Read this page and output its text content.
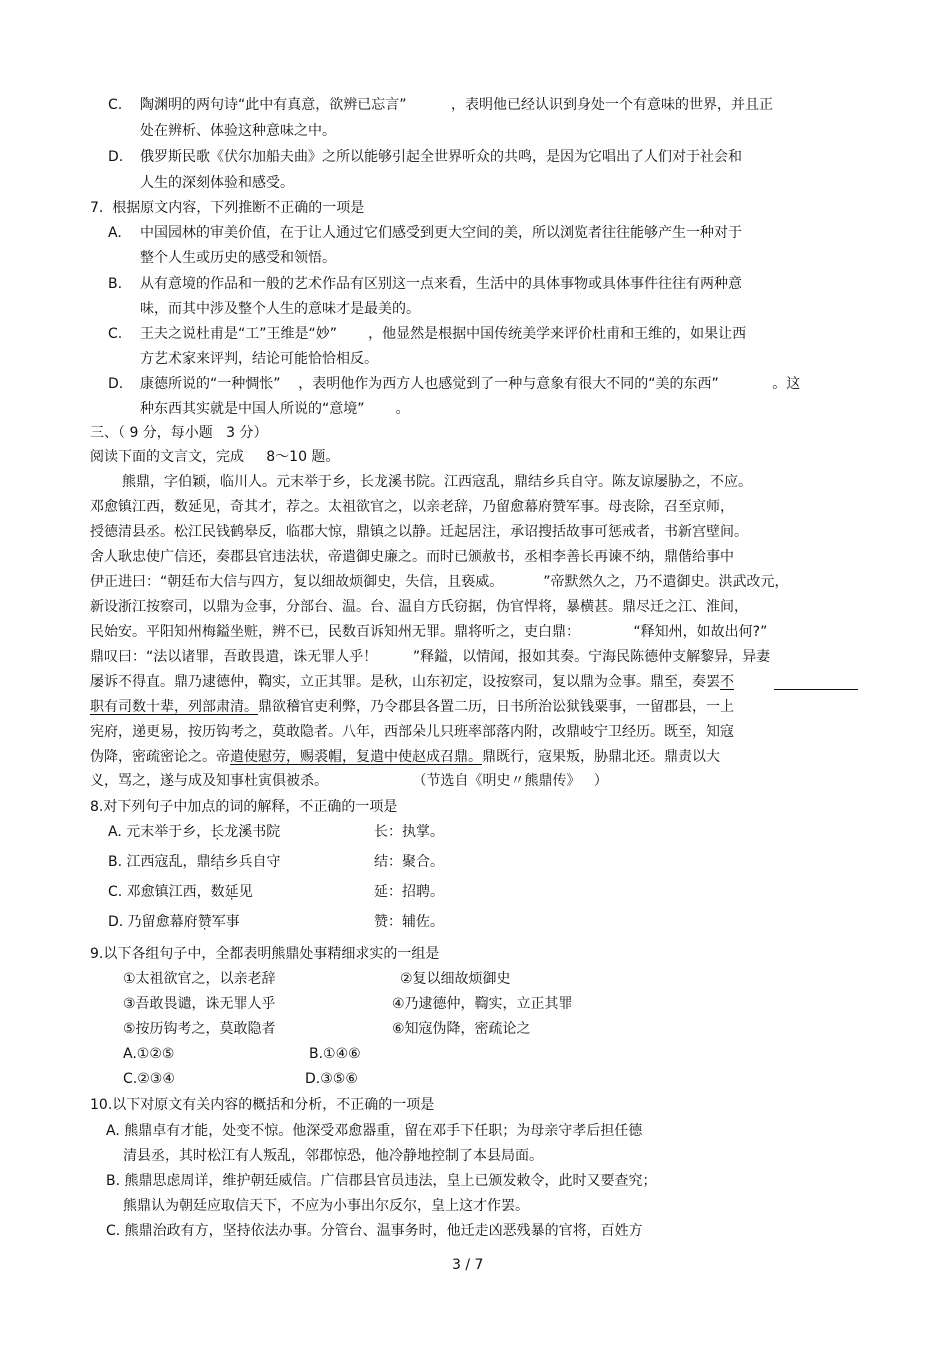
C. 陶渊明的两句诗“此中有真意，欲辨已忘言”          ，表明他已经认识到身处一个有意味的世界，并且正
处在辨析、体验这种意味之中。
D. 俄罗斯民歌《伏尔加船夫曲》之所以能够引起全世界听众的共鸣，是因为它唱出了人们对于社会和
人生的深刻体验和感受。
7.  根据原文内容，下列推断不正确的一项是
A. 中国园林的审美价值，在于让人通过它们感受到更大空间的美，所以浏览者往往能够产生一种对于
整个人生或历史的感受和领悟。
B. 从有意境的作品和一般的艺术作品有区别这一点来看，生活中的具体事物或具体事件往往有两种意
味，而其中涉及整个人生的意味才是最美的。
C. 王夫之说杜甫是“工”王维是“妙”       ，他显然是根据中国传统美学来评价杜甫和王维的，如果让西
方艺术家来评判，结论可能恰恰相反。
D. 康德所说的“一种惆怅”    ，表明他作为西方人也感觉到了一种与意象有很大不同的“美的东西”            。这
种东西其实就是中国人所说的“意境”       。
三、（ 9 分，每小题   3 分）
阅读下面的文言文，完成     8～10 题。
熊鼎，字伯颖，临川人。元末举于乡，长龙溪书院。江西寇乱，鼎结乡兵自守。陈友谅屡胁之，不应。
邓愈镇江西，数延见，奇其才，荐之。太祖欲官之，以亲老辞，乃留愈幕府赞军事。母丧除，召至京师，
授德清县丞。松江民钱鹤皋反，临郡大惊，鼎镇之以静。迁起居注，承诏搜括故事可惩戒者，书新宫壁间。
舍人耿忠使广信还，奏郡县官违法状，帝遣御史廉之。而时已颁赦书，丞相李善长再谏不纳，鼎偕给事中
伊正进曰：“朝廷布大信与四方，复以细故烦御史，失信，且亵威。         ”帝默然久之，乃不遣御史。洪武改元，
新设浙江按察司，以鼎为佥事，分部台、温。台、温自方氏窃据，伪官悍将，暴横甚。鼎尽迁之江、淮间，
民始安。平阳知州梅鎰坐赃，辨不已，民数百诉知州无罪。鼎将听之，吏白鼎：            “释知州，如故出何?”
鼎叹曰：“法以诸罪，吾敢畏遣，诛无罪人乎！        ”释鎰，以情闻，报如其奏。宁海民陈德仲支解黎异，异妻
屡诉不得直。鼎乃逮德仲，鞫实，立正其罪。是秋，山东初定，设按察司，复以鼎为佥事。鼎至，奏罢不
职有司数十辈，列部肃清。鼎欲稽官吏利弊，乃令郡县各置二历，日书所治讼狱钱粟事，一留郡县，一上
宪府，递更易，按历钩考之，莫敢隐者。八年，西部朵儿只班率部落内附，改鼎岐宁卫经历。既至，知寇
伪降，密疏密论之。帝遣使慰劳，赐裘帽，复遣中使赵成召鼎。鼎既行，寇果叛，胁鼎北还。鼎责以大
义，骂之，遂与成及知事杜寅俱被杀。                   （节选自《明史〃熊鼎传》   ）
8.对下列句子中加点的词的解释，不正确的一项是
A. 元末举于乡，长龙溪书院	长：执掌。
B. 江西寇乱，鼎结乡兵自守	结：聚合。
C. 邓愈镇江西，数延见	延：招聘。
D. 乃留愈幕府赞军事	赞：辅佐。
9.以下各组句子中，全都表明熊鼎处事精细求实的一组是
①太祖欲官之，以亲老辞	②复以细故烦御史
③吾敢畏谴，诛无罪人乎	④乃逮德仲，鞫实，立正其罪
⑤按历钩考之，莫敢隐者	⑥知寇伪降，密疏论之
A.①②⑤	B.①④⑥
C.②③④	D.③⑤⑥
10.以下对原文有关内容的概括和分析，不正确的一项是
A. 熊鼎卓有才能，处变不惊。他深受邓愈器重，留在邓手下任职；为母亲守孝后担任德
清县丞，其时松江有人叛乱，邻郡惊恐，他冷静地控制了本县局面。
B. 熊鼎思虑周详，维护朝廷威信。广信郡县官员违法，皇上已颁发敕令，此时又要查究；
熊鼎认为朝廷应取信天下，不应为小事出尔反尔，皇上这才作罢。
C. 熊鼎治政有方，坚持依法办事。分管台、温事务时，他迁走凶恶残暴的官将，百姓方
3 / 7
